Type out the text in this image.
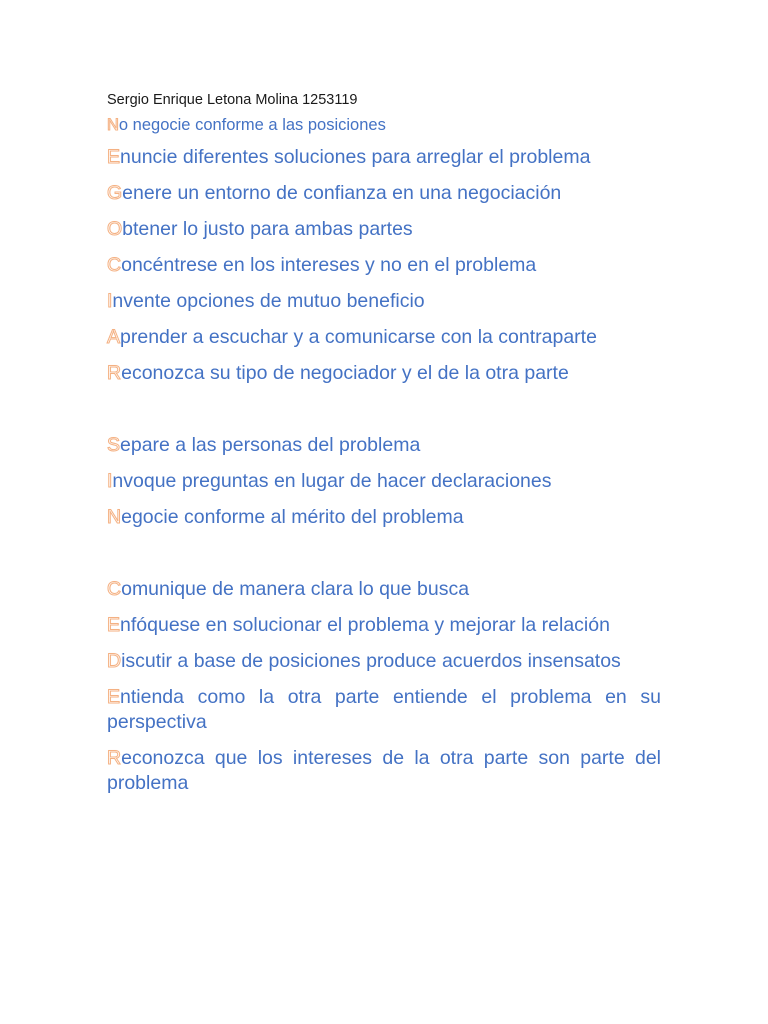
Sergio Enrique Letona Molina 1253119

No negocie conforme a las posiciones

Enuncie diferentes soluciones para arreglar el problema

Genere un entorno de confianza en una negociación

Obtener lo justo para ambas partes

Concéntrese en los intereses y no en el problema

Invente opciones de mutuo beneficio

Aprender a escuchar y a comunicarse con la contraparte

Reconozca su tipo de negociador y el de la otra parte

Separe a las personas del problema

Invoque preguntas en lugar de hacer declaraciones

Negocie conforme al mérito del problema

Comunique de manera clara lo que busca

Enfóquese en solucionar el problema y mejorar la relación

Discutir a base de posiciones produce acuerdos insensatos

Entienda como la otra parte entiende el problema en su perspectiva

Reconozca que los intereses de la otra parte son parte del problema
